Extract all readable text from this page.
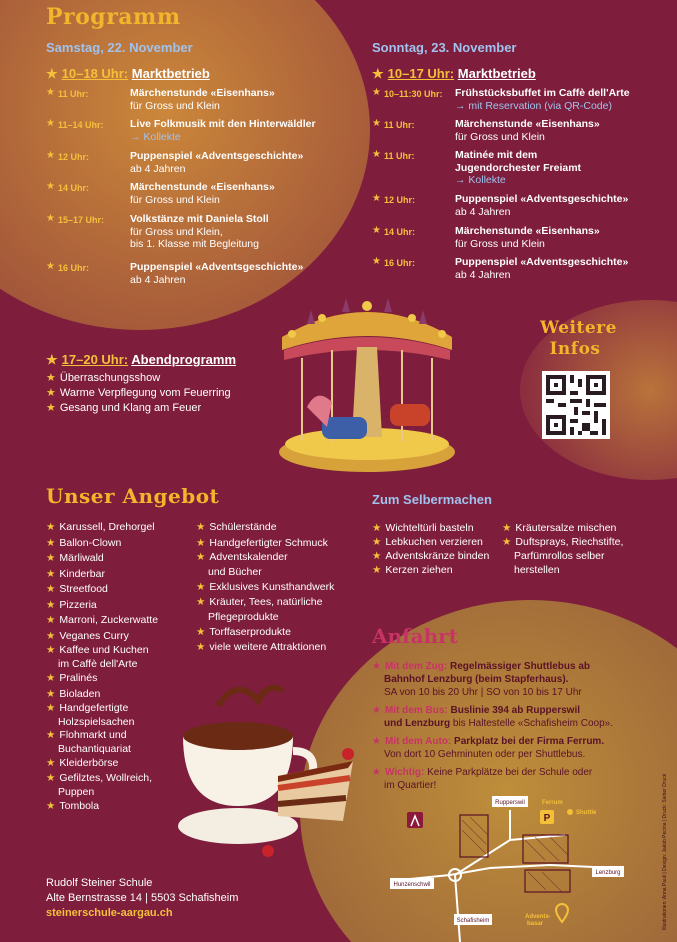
Programm
Samstag, 22. November
★ 10–18 Uhr: Marktbetrieb
★ 11 Uhr:	Märchenstunde «Eisenhans»
für Gross und Klein
★ 11–14 Uhr:	Live Folkmusik mit den Hinterwäldler
→ Kollekte
★ 12 Uhr:	Puppenspiel «Adventsgeschichte»
ab 4 Jahren
★ 14 Uhr:	Märchenstunde «Eisenhans»
für Gross und Klein
★ 15–17 Uhr: Volkstänze mit Daniela Stoll
für Gross und Klein,
bis 1. Klasse mit Begleitung
★ 16 Uhr:	Puppenspiel «Adventsgeschichte»
ab 4 Jahren
Sonntag, 23. November
★ 10–17 Uhr: Marktbetrieb
★ 10–11:30 Uhr: Frühstücksbuffet im Caffè dell'Arte
→ mit Reservation (via QR-Code)
★ 11 Uhr:	Märchenstunde «Eisenhans»
für Gross und Klein
★ 11 Uhr:	Matinée mit dem
Jugendorchester Freiamt
→ Kollekte
★ 12 Uhr:	Puppenspiel «Adventsgeschichte»
ab 4 Jahren
★ 14 Uhr:	Märchenstunde «Eisenhans»
für Gross und Klein
★ 16 Uhr:	Puppenspiel «Adventsgeschichte»
ab 4 Jahren
★ 17–20 Uhr: Abendprogramm
★ Überraschungsshow
★ Warme Verpflegung vom Feuerring
★ Gesang und Klang am Feuer
Weitere
Infos
Unser Angebot
★ Karussell, Drehorgel
★ Ballon-Clown
★ Märliwald
★ Kinderbar
★ Streetfood
★ Pizzeria
★ Marroni, Zuckerwatte
★ Veganes Curry
★ Kaffee und Kuchen
im Caffè dell'Arte
★ Pralinés
★ Bioladen
★ Handgefertigte
Holzspielsachen
★ Flohmarkt und
Buchantiquariat
★ Kleiderbörse
★ Gefilztes, Wollreich,
Puppen
★ Tombola
★ Schülerstände
★ Handgefertigter Schmuck
★ Adventskalender
und Bücher
★ Exklusives Kunsthandwerk
★ Kräuter, Tees, natürliche
Pflegeprodukte
★ Torffaserprodukte
★ viele weitere Attraktionen
Zum Selbermachen
★ Wichteltürli basteln
★ Lebkuchen verzieren
★ Adventskränze binden
★ Kerzen ziehen
★ Kräutersalze mischen
★ Duftsprays, Riechstifte,
Parfümrollos selber
herstellen
Anfahrt
★ Mit dem Zug: Regelmässiger Shuttlebus ab
Bahnhof Lenzburg (beim Stapferhaus).
SA von 10 bis 20 Uhr | SO von 10 bis 17 Uhr
★ Mit dem Bus: Buslinie 394 ab Rupperswil
und Lenzburg bis Haltestelle «Schafisheim Coop».
★ Mit dem Auto: Parkplatz bei der Firma Ferrum.
Von dort 10 Gehminuten oder per Shuttlebus.
★ Wichtig: Keine Parkplätze bei der Schule oder
im Quartier!
P
Rupperswil	Ferrum
Shuttle
Hunzenschwil
Lenzburg
Schafisheim
Advents-
basar
Rudolf Steiner Schule
Alte Bernstrasse 14 | 5503 Schafisheim
steinerschule-aargau.ch	Illustrationen: Anna Pauli | Design: Jakob Pecina | Druck: Sieber Druck
